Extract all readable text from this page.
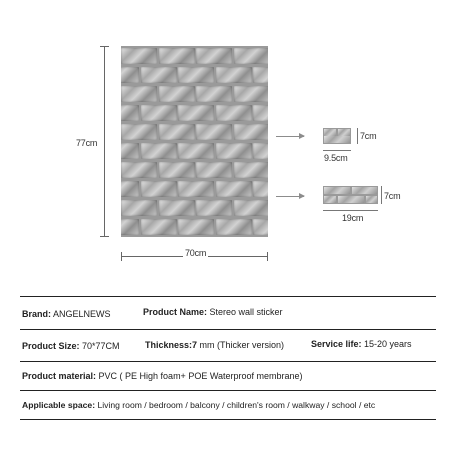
77cm
70cm
7cm
9.5cm
7cm
19cm
Brand: ANGELNEWS	Product Name: Stereo wall sticker
Product Size: 70*77CM	Thickness:7 mm (Thicker version)	Service life: 15-20 years
Product material: PVC ( PE High foam+ POE Waterproof membrane)
Applicable space: Living room / bedroom / balcony / children's room / walkway / school / etc
